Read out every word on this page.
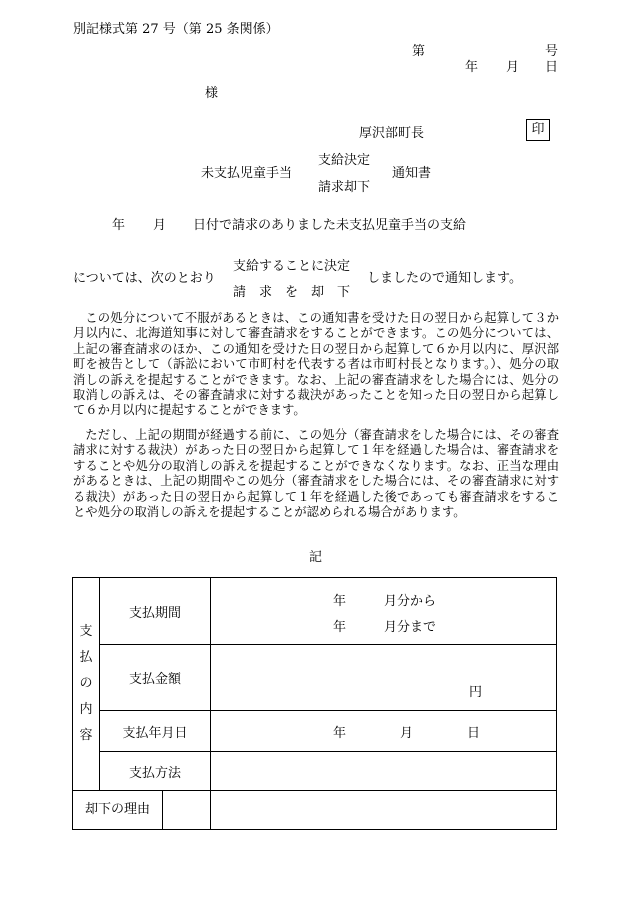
別記様式第 27 号（第 25 条関係）
第	号
年 月 日
様
厚沢部町長	印
未支払児童手当
支給決定
請求却下
通知書
年 月 日付で請求のありました未支払児童手当の支給
については、次のとおり
支給することに決定
請　求　を　却　下
しましたので通知します。

この処分について不服があるときは、この通知書を受けた日の翌日から起算して３か月以内に、北海道知事に対して審査請求をすることができます。この処分については、上記の審査請求のほか、この通知を受けた日の翌日から起算して６か月以内に、厚沢部町を被告として（訴訟において市町村を代表する者は市町村長となります。）、処分の取消しの訴えを提起することができます。なお、上記の審査請求をした場合には、処分の取消しの訴えは、その審査請求に対する裁決があったことを知った日の翌日から起算して６か月以内に提起することができます。

ただし、上記の期間が経過する前に、この処分（審査請求をした場合には、その審査請求に対する裁決）があった日の翌日から起算して１年を経過した場合は、審査請求をすることや処分の取消しの訴えを提起することができなくなります。なお、正当な理由があるときは、上記の期間やこの処分（審査請求をした場合には、その審査請求に対する裁決）があった日の翌日から起算して１年を経過した後であっても審査請求をすることや処分の取消しの訴えを提起することが認められる場合があります。

記
支
払
の
内
容	支払期間	年 月分から
年 月分まで

	支払金額	円

	支払年月日	年 月 日

	支払方法	

却下の理由		
